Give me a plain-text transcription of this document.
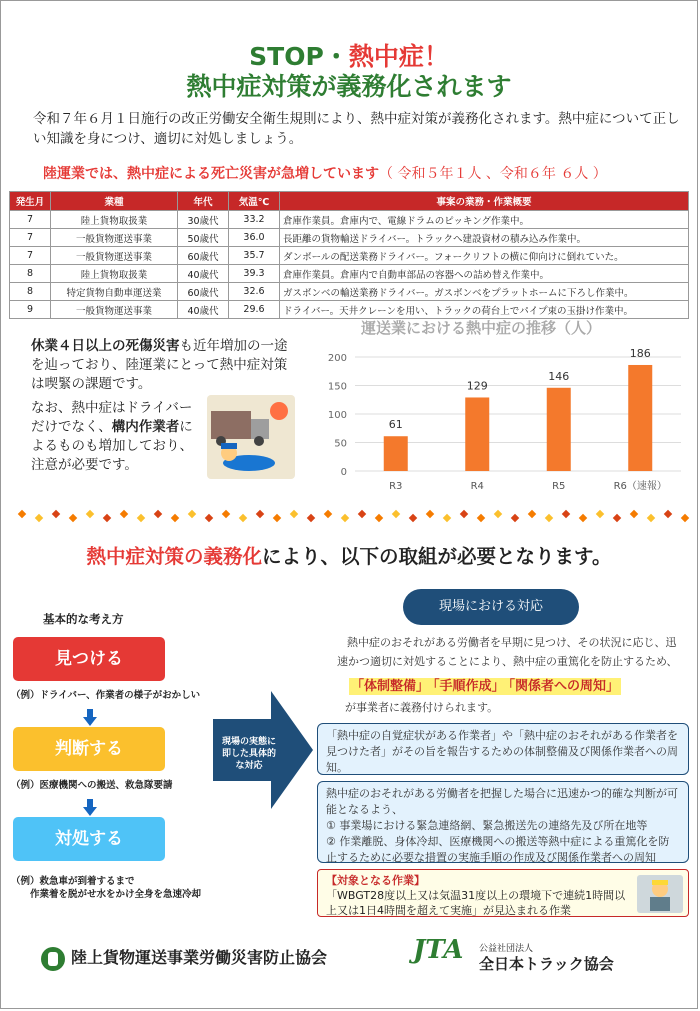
STOP・熱中症！
熱中症対策が義務化されます
令和７年６月１日施行の改正労働安全衛生規則により、熱中症対策が義務化されます。熱中症について正しい知識を身につけ、適切に対処しましょう。
陸運業では、熱中症による死亡災害が急増しています（ 令和５年１人 、令和６年 ６人 ）
発生月	業種	年代	気温℃	事案の業務・作業概要
7	陸上貨物取扱業	30歳代	33.2	倉庫作業員。倉庫内で、電線ドラムのピッキング作業中。
7	一般貨物運送事業	50歳代	36.0	長距離の貨物輸送ドライバー。トラックへ建設資材の積み込み作業中。
7	一般貨物運送事業	60歳代	35.7	ダンボールの配送業務ドライバー。フォークリフトの横に仰向けに倒れていた。
8	陸上貨物取扱業	40歳代	39.3	倉庫作業員。倉庫内で自動車部品の容器への詰め替え作業中。
8	特定貨物自動車運送業	60歳代	32.6	ガスボンベの輸送業務ドライバー。ガスボンベをプラットホームに下ろし作業中。
9	一般貨物運送事業	40歳代	29.6	ドライバー。天井クレーンを用い、トラックの荷台上でパイプ束の玉掛け作業中。
休業４日以上の死傷災害も近年増加の一途を辿っており、陸運業にとって熱中症対策は喫緊の課題です。
なお、熱中症はドライバーだけでなく、構内作業者によるものも増加しており、注意が必要です。
運送業における熱中症の推移（人）
0
50
100
150
200
61
R3
129
R4
146
R5
186
R6（速報）
熱中症対策の義務化により、以下の取組が必要となります。
基本的な考え方
見つける
（例）ドライバー、作業者の様子がおかしい
判断する
（例）医療機関への搬送、救急隊要請
対処する
（例）救急車が到着するまで
　　作業着を脱がせ水をかけ全身を急速冷却
現場の実態に即した具体的な対応
現場における対応
熱中症のおそれがある労働者を早期に見つけ、その状況に応じ、迅速かつ適切に対処することにより、熱中症の重篤化を防止するため、
「体制整備」 「手順作成」 「関係者への周知」
が事業者に義務付けられます。
「熱中症の自覚症状がある作業者」や「熱中症のおそれがある作業者を見つけた者」がその旨を報告するための体制整備及び関係作業者への周知。
熱中症のおそれがある労働者を把握した場合に迅速かつ的確な判断が可能となるよう、
① 事業場における緊急連絡網、緊急搬送先の連絡先及び所在地等
② 作業離脱、身体冷却、医療機関への搬送等熱中症による重篤化を防止するために必要な措置の実施手順の作成及び関係作業者への周知
【対象となる作業】
「WBGT28度以上又は気温31度以上の環境下で連続1時間以上又は1日4時間を超えて実施」が見込まれる作業
陸上貨物運送事業労働災害防止協会	JTA 公益社団法人
全日本トラック協会
